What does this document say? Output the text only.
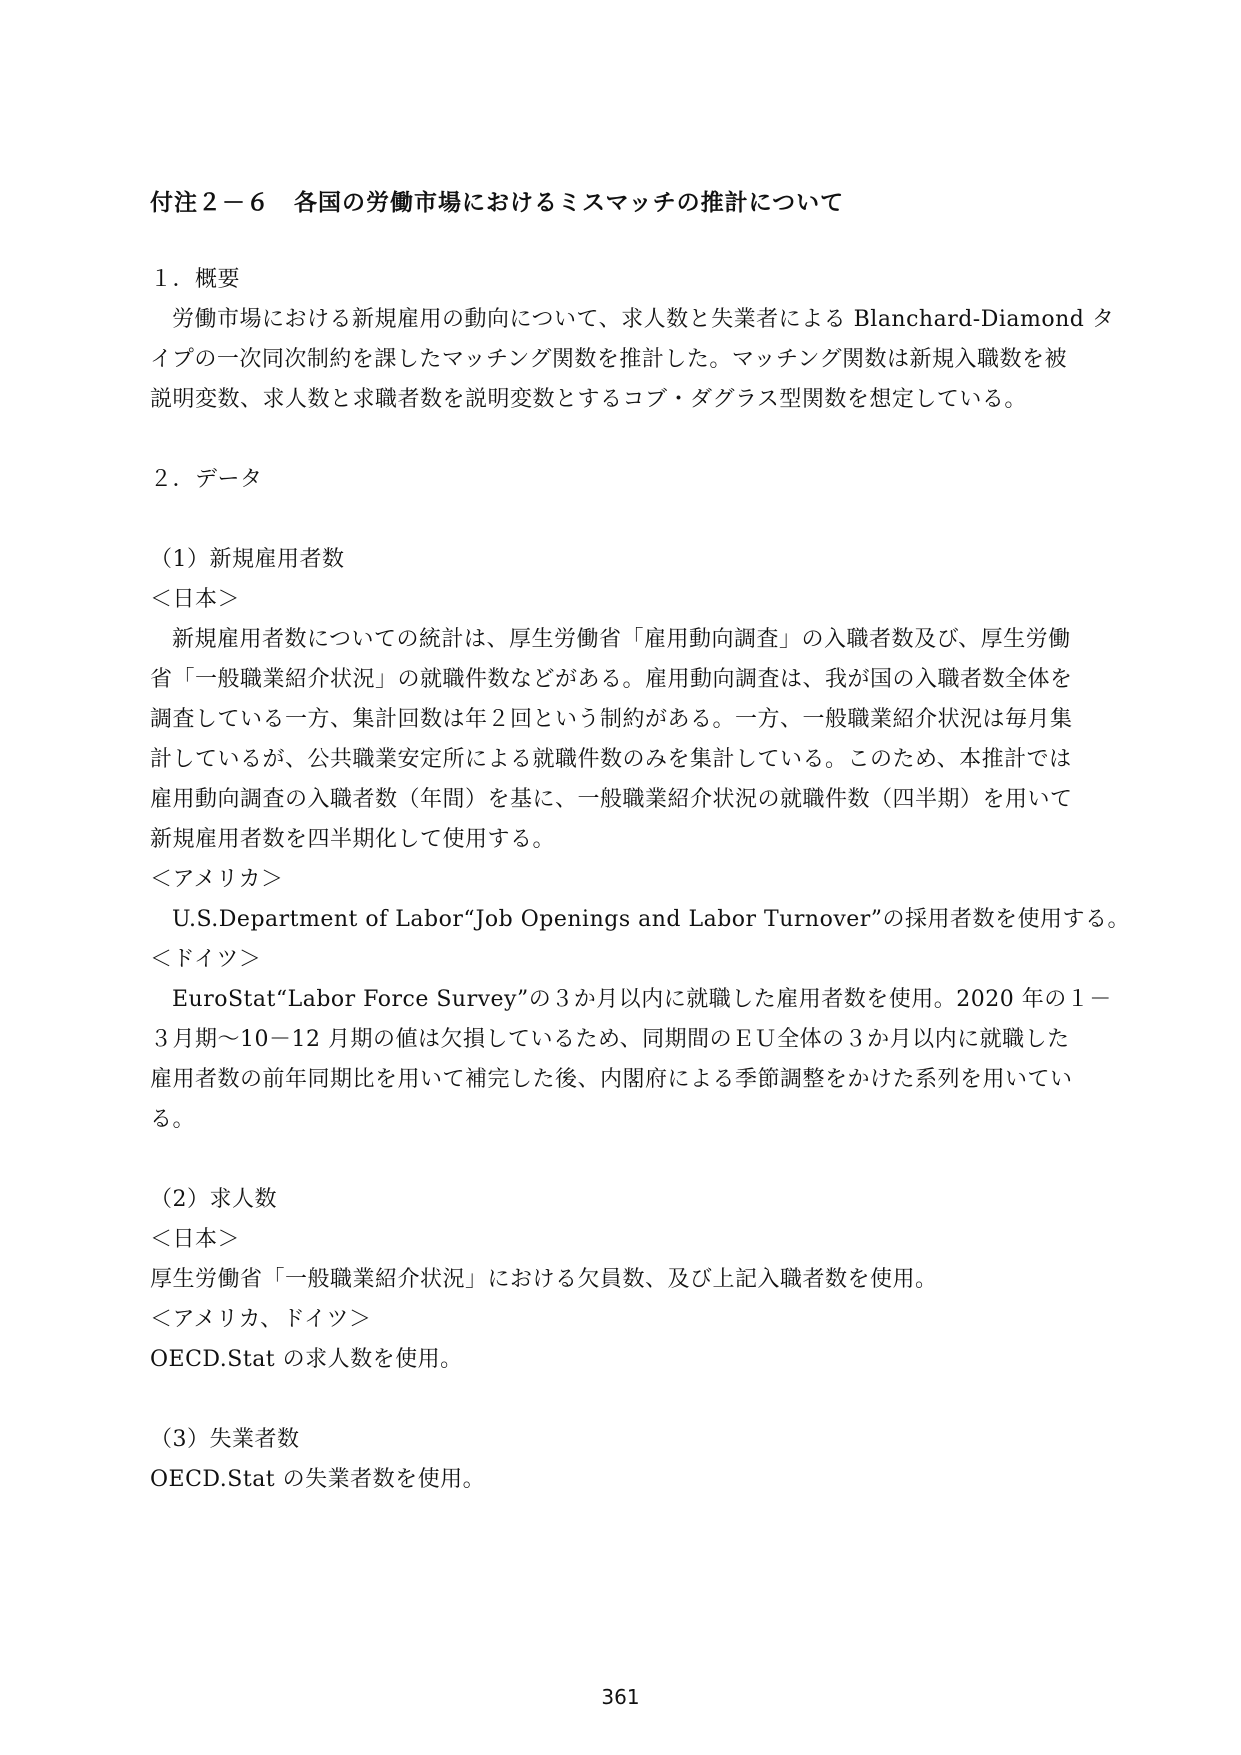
付注２－６　各国の労働市場におけるミスマッチの推計について
１．概要
労働市場における新規雇用の動向について、求人数と失業者による Blanchard-Diamond タ
イプの一次同次制約を課したマッチング関数を推計した。マッチング関数は新規入職数を被
説明変数、求人数と求職者数を説明変数とするコブ・ダグラス型関数を想定している。
２．データ
（1）新規雇用者数
＜日本＞
新規雇用者数についての統計は、厚生労働省「雇用動向調査」の入職者数及び、厚生労働
省「一般職業紹介状況」の就職件数などがある。雇用動向調査は、我が国の入職者数全体を
調査している一方、集計回数は年２回という制約がある。一方、一般職業紹介状況は毎月集
計しているが、公共職業安定所による就職件数のみを集計している。このため、本推計では
雇用動向調査の入職者数（年間）を基に、一般職業紹介状況の就職件数（四半期）を用いて
新規雇用者数を四半期化して使用する。
＜アメリカ＞
U.S.Department of Labor“Job Openings and Labor Turnover”の採用者数を使用する。
＜ドイツ＞
EuroStat“Labor Force Survey”の３か月以内に就職した雇用者数を使用。2020 年の１－
３月期～10－12 月期の値は欠損しているため、同期間のＥＵ全体の３か月以内に就職した
雇用者数の前年同期比を用いて補完した後、内閣府による季節調整をかけた系列を用いてい
る。
（2）求人数
＜日本＞
厚生労働省「一般職業紹介状況」における欠員数、及び上記入職者数を使用。
＜アメリカ、ドイツ＞
OECD.Stat の求人数を使用。
（3）失業者数
OECD.Stat の失業者数を使用。
361
